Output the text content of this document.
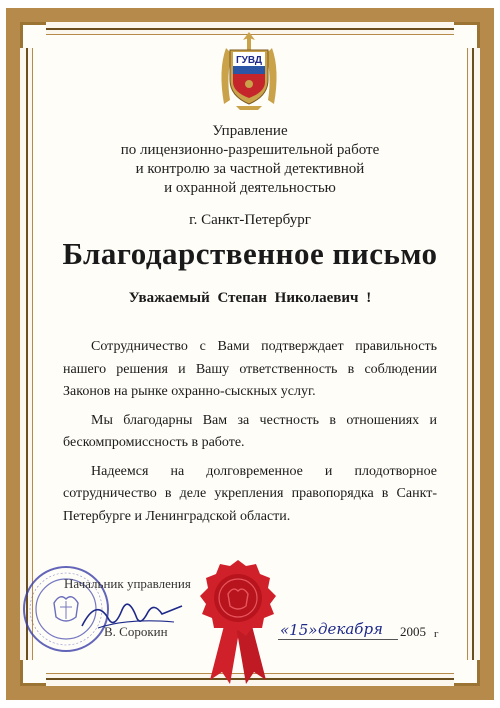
ГУВД
Управление
по лицензионно-разрешительной работе
и контролю за частной детективной
и охранной деятельностью
г. Санкт-Петербург
Благодарственное письмо
Уважаемый Степан Николаевич !

Сотрудничество с Вами подтверждает правильность нашего решения и Вашу ответственность в соблюдении Законов на рынке охранно-сыскных услуг.

Мы благодарны Вам за честность в отношениях и бескомпромиссность в работе.

Надеемся на долговременное и плодотворное сотрудничество в деле укрепления правопорядка в Санкт-Петербурге и Ленинградской области.

Начальник управления
В. Сорокин	«15» декабря 2005 г
